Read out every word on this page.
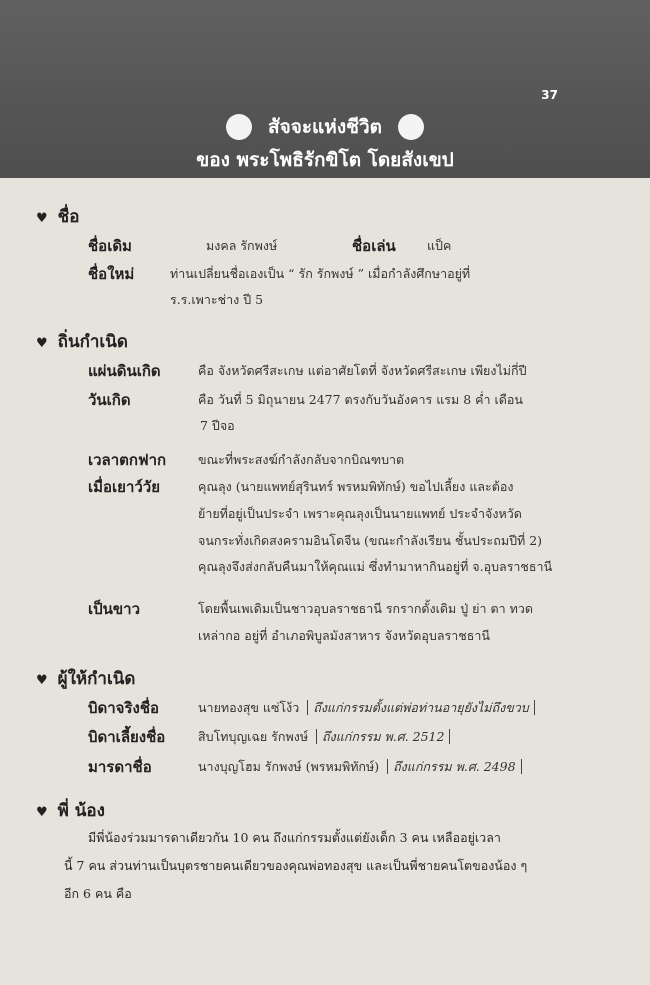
37
สัจจะแห่งชีวิต
ของ พระโพธิรักขิโต โดยสังเขป
♥ ชื่อ
ชื่อเดิม	มงคล รักพงษ์	ชื่อเล่น แป็ค
ชื่อใหม่	ท่านเปลี่ยนชื่อเองเป็น “ รัก รักพงษ์ ” เมื่อกำลังศึกษาอยู่ที่
ร.ร.เพาะช่าง ปี 5
♥ ถิ่นกำเนิด
แผ่นดินเกิด	คือ จังหวัดศรีสะเกษ แต่อาศัยโตที่ จังหวัดศรีสะเกษ เพียงไม่กี่ปี
วันเกิด	คือ วันที่ 5 มิถุนายน 2477 ตรงกับวันอังคาร แรม 8 ค่ำ เดือน
7 ปีจอ
เวลาตกฟาก	ขณะที่พระสงฆ์กำลังกลับจากบิณฑบาต
เมื่อเยาว์วัย	คุณลุง (นายแพทย์สุรินทร์ พรหมพิทักษ์) ขอไปเลี้ยง และต้อง
ย้ายที่อยู่เป็นประจำ เพราะคุณลุงเป็นนายแพทย์ ประจำจังหวัด
จนกระทั่งเกิดสงครามอินโดจีน (ขณะกำลังเรียน ชั้นประถมปีที่ 2)
คุณลุงจึงส่งกลับคืนมาให้คุณแม่ ซึ่งทำมาหากินอยู่ที่ จ.อุบลราชธานี
เป็นขาว	โดยพื้นเพเดิมเป็นชาวอุบลราชธานี รกรากดั้งเดิม ปู่ ย่า ตา ทวด
เหล่ากอ อยู่ที่ อำเภอพิบูลมังสาหาร จังหวัดอุบลราชธานี
♥ ผู้ให้กำเนิด
บิดาจริงชื่อ	นายทองสุข แซ่โง้ว ถึงแก่กรรมตั้งแต่พ่อท่านอายุยังไม่ถึงขวบ
บิดาเลี้ยงชื่อ	สิบโทบุญเฉย รักพงษ์ ถึงแก่กรรม พ.ศ. 2512
มารดาชื่อ	นางบุญโฮม รักพงษ์ (พรหมพิทักษ์) ถึงแก่กรรม พ.ศ. 2498
♥ พี่ น้อง
มีพี่น้องร่วมมารดาเดียวกัน 10 คน ถึงแก่กรรมตั้งแต่ยังเด็ก 3 คน เหลืออยู่เวลา
นี้ 7 คน ส่วนท่านเป็นบุตรชายคนเดียวของคุณพ่อทองสุข และเป็นพี่ชายคนโตของน้อง ๆ
อีก 6 คน คือ
